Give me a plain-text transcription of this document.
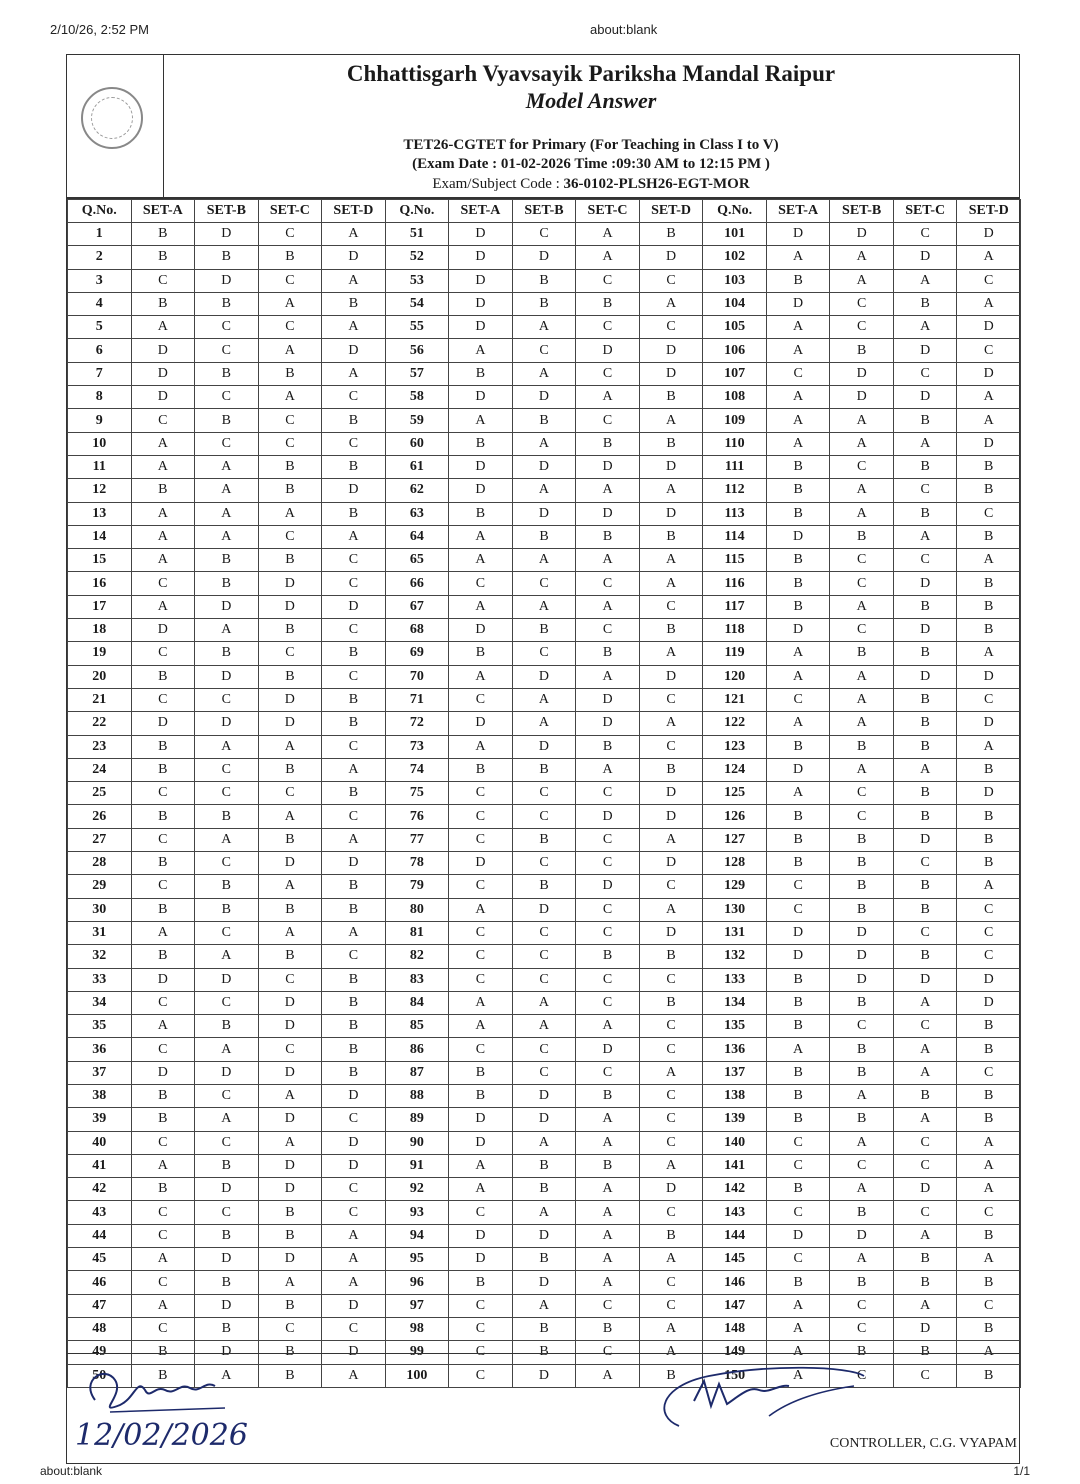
2/10/26, 2:52 PM	about:blank
Chhattisgarh Vyavsayik Pariksha Mandal Raipur
Model Answer
TET26-CGTET for Primary (For Teaching in Class I to V)
(Exam Date : 01-02-2026 Time :09:30 AM to 12:15 PM )
Exam/Subject Code : 36-0102-PLSH26-EGT-MOR
Q.No.	SET-A	SET-B	SET-C	SET-D	Q.No.	SET-A	SET-B	SET-C	SET-D	Q.No.	SET-A	SET-B	SET-C	SET-D
1	B	D	C	A	51	D	C	A	B	101	D	D	C	D
2	B	B	B	D	52	D	D	A	D	102	A	A	D	A
3	C	D	C	A	53	D	B	C	C	103	B	A	A	C
4	B	B	A	B	54	D	B	B	A	104	D	C	B	A
5	A	C	C	A	55	D	A	C	C	105	A	C	A	D
6	D	C	A	D	56	A	C	D	D	106	A	B	D	C
7	D	B	B	A	57	B	A	C	D	107	C	D	C	D
8	D	C	A	C	58	D	D	A	B	108	A	D	D	A
9	C	B	C	B	59	A	B	C	A	109	A	A	B	A
10	A	C	C	C	60	B	A	B	B	110	A	A	A	D
11	A	A	B	B	61	D	D	D	D	111	B	C	B	B
12	B	A	B	D	62	D	A	A	A	112	B	A	C	B
13	A	A	A	B	63	B	D	D	D	113	B	A	B	C
14	A	A	C	A	64	A	B	B	B	114	D	B	A	B
15	A	B	B	C	65	A	A	A	A	115	B	C	C	A
16	C	B	D	C	66	C	C	C	A	116	B	C	D	B
17	A	D	D	D	67	A	A	A	C	117	B	A	B	B
18	D	A	B	C	68	D	B	C	B	118	D	C	D	B
19	C	B	C	B	69	B	C	B	A	119	A	B	B	A
20	B	D	B	C	70	A	D	A	D	120	A	A	D	D
21	C	C	D	B	71	C	A	D	C	121	C	A	B	C
22	D	D	D	B	72	D	A	D	A	122	A	A	B	D
23	B	A	A	C	73	A	D	B	C	123	B	B	B	A
24	B	C	B	A	74	B	B	A	B	124	D	A	A	B
25	C	C	C	B	75	C	C	C	D	125	A	C	B	D
26	B	B	A	C	76	C	C	D	D	126	B	C	B	B
27	C	A	B	A	77	C	B	C	A	127	B	B	D	B
28	B	C	D	D	78	D	C	C	D	128	B	B	C	B
29	C	B	A	B	79	C	B	D	C	129	C	B	B	A
30	B	B	B	B	80	A	D	C	A	130	C	B	B	C
31	A	C	A	A	81	C	C	C	D	131	D	D	C	C
32	B	A	B	C	82	C	C	B	B	132	D	D	B	C
33	D	D	C	B	83	C	C	C	C	133	B	D	D	D
34	C	C	D	B	84	A	A	C	B	134	B	B	A	D
35	A	B	D	B	85	A	A	A	C	135	B	C	C	B
36	C	A	C	B	86	C	C	D	C	136	A	B	A	B
37	D	D	D	B	87	B	C	C	A	137	B	B	A	C
38	B	C	A	D	88	B	D	B	C	138	B	A	B	B
39	B	A	D	C	89	D	D	A	C	139	B	B	A	B
40	C	C	A	D	90	D	A	A	C	140	C	A	C	A
41	A	B	D	D	91	A	B	B	A	141	C	C	C	A
42	B	D	D	C	92	A	B	A	D	142	B	A	D	A
43	C	C	B	C	93	C	A	A	C	143	C	B	C	C
44	C	B	B	A	94	D	D	A	B	144	D	D	A	B
45	A	D	D	A	95	D	B	A	A	145	C	A	B	A
46	C	B	A	A	96	B	D	A	C	146	B	B	B	B
47	A	D	B	D	97	C	A	C	C	147	A	C	A	C
48	C	B	C	C	98	C	B	B	A	148	A	C	D	B
49	B	D	B	D	99	C	B	C	A	149	A	B	B	A
50	B	A	B	A	100	C	D	A	B	150	A	C	C	B
12/02/2026	CONTROLLER, C.G. VYAPAM
about:blank	1/1
